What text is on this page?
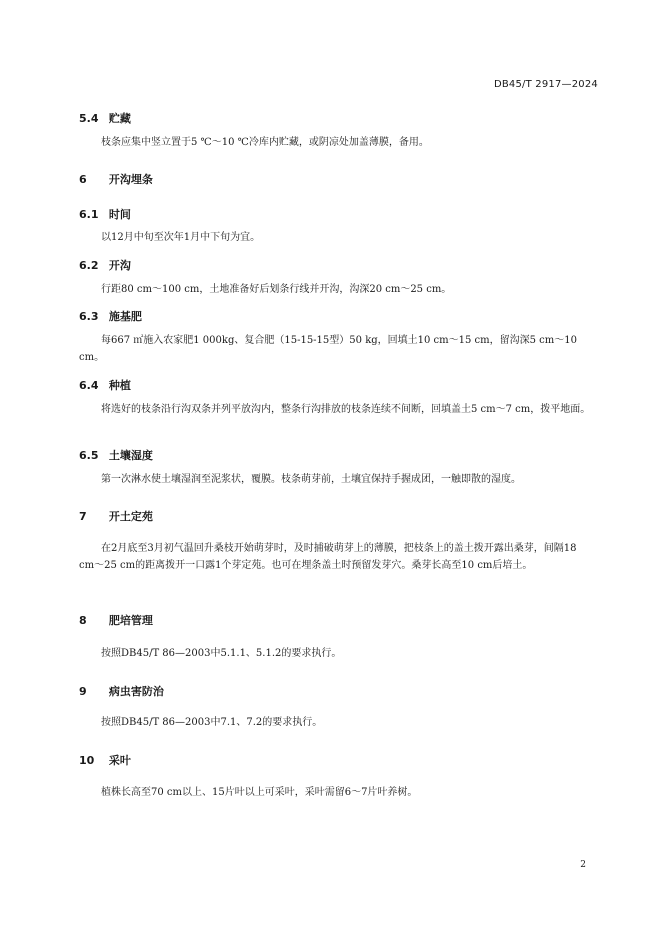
DB45/T 2917—2024
5.4 贮藏
枝条应集中竖立置于5 ℃～10 ℃冷库内贮藏，或阴凉处加盖薄膜，备用。
6 开沟埋条
6.1 时间
以12月中旬至次年1月中下旬为宜。
6.2 开沟
行距80 cm～100 cm，土地准备好后划条行线并开沟，沟深20 cm～25 cm。
6.3 施基肥
每667 ㎡施入农家肥1 000kg、复合肥（15-15-15型）50 kg，回填土10 cm～15 cm，留沟深5 cm～10 cm。
6.4 种植
将选好的枝条沿行沟双条并列平放沟内，整条行沟排放的枝条连续不间断，回填盖土5 cm～7 cm，拨平地面。
6.5 土壤湿度
第一次淋水使土壤湿润至泥浆状，覆膜。枝条萌芽前，土壤宜保持手握成团，一触即散的湿度。
7 开土定苑
在2月底至3月初气温回升桑枝开始萌芽时，及时捕破萌芽上的薄膜，把枝条上的盖土拨开露出桑芽，间隔18 cm～25 cm的距离拨开一口露1个芽定苑。也可在埋条盖土时预留发芽穴。桑芽长高至10 cm后培土。
8 肥培管理
按照DB45/T 86—2003中5.1.1、5.1.2的要求执行。
9 病虫害防治
按照DB45/T 86—2003中7.1、7.2的要求执行。
10 采叶
植株长高至70 cm以上、15片叶以上可采叶，采叶需留6～7片叶养树。
2
